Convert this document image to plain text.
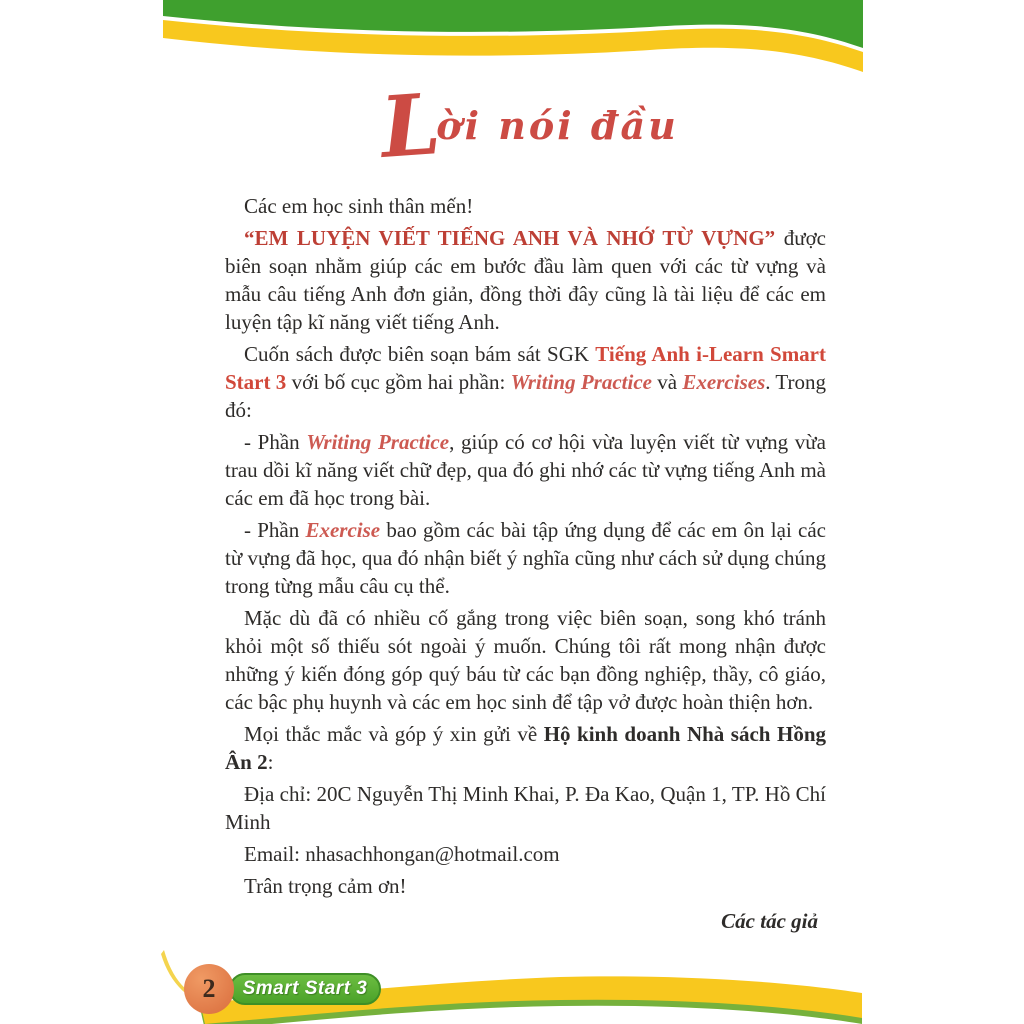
Lời nói đầu

Các em học sinh thân mến!

“EM LUYỆN VIẾT TIẾNG ANH VÀ NHỚ TỪ VỰNG” được biên soạn nhằm giúp các em bước đầu làm quen với các từ vựng và mẫu câu tiếng Anh đơn giản, đồng thời đây cũng là tài liệu để các em luyện tập kĩ năng viết tiếng Anh.

Cuốn sách được biên soạn bám sát SGK Tiếng Anh i-Learn Smart Start 3 với bố cục gồm hai phần: Writing Practice và Exercises. Trong đó:

- Phần Writing Practice, giúp có cơ hội vừa luyện viết từ vựng vừa trau dồi kĩ năng viết chữ đẹp, qua đó ghi nhớ các từ vựng tiếng Anh mà các em đã học trong bài.

- Phần Exercise bao gồm các bài tập ứng dụng để các em ôn lại các từ vựng đã học, qua đó nhận biết ý nghĩa cũng như cách sử dụng chúng trong từng mẫu câu cụ thể.

Mặc dù đã có nhiều cố gắng trong việc biên soạn, song khó tránh khỏi một số thiếu sót ngoài ý muốn. Chúng tôi rất mong nhận được những ý kiến đóng góp quý báu từ các bạn đồng nghiệp, thầy, cô giáo, các bậc phụ huynh và các em học sinh để tập vở được hoàn thiện hơn.

Mọi thắc mắc và góp ý xin gửi về Hộ kinh doanh Nhà sách Hồng Ân 2:

Địa chỉ: 20C Nguyễn Thị Minh Khai, P. Đa Kao, Quận 1, TP. Hồ Chí Minh

Email: nhasachhongan@hotmail.com

Trân trọng cảm ơn!

Các tác giả

Smart Start 3
2
